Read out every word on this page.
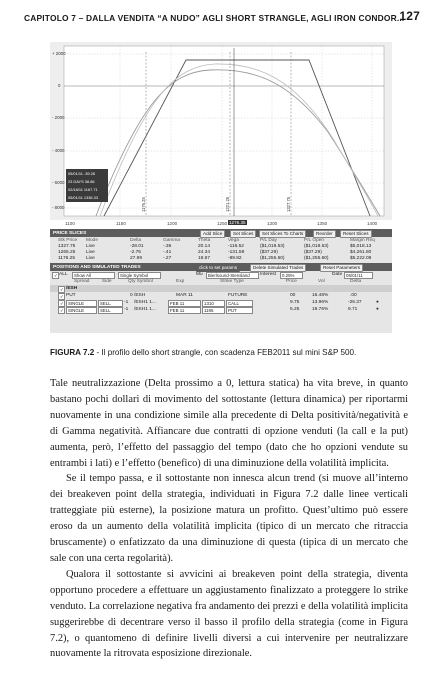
CAPITOLO 7 – DALLA VENDITA “A NUDO” AGLI SHORT STRANGLE, AGLI IRON CONDOR...
127
+ 2000
0
- 2000
- 4000
- 6000
- 8000
05/01/11 -39.28
23 DAYS 38.86
02/18/11 1167.71
05/01/11 1336.33	1176.25	1221.25	1327.75
1100	1150	1200	1250 1276.35	1300	1350	1400
PRICE SLICES	Add Slice	Set Slices	Set Slices To Charts	Reorder	Reset Slices
Stk Price Mode	Delta	Gamma	Theta	Vega	P/L Day	P/L Open	Margin Req
1327.75 Live	-28.01	-.36	20.14	-116.52	($1,018.53)	($1,018.53)	$5,018.13
1265.25 Live	-2.75	-.41	24.34	-131.59	($37.29)	($37.29)	$4,261.80
1176.25 Live	27.99	-.27	18.67	-89.82	($1,255.60)	($1,255.60)	$5,222.09
POSITIONS AND SIMULATED TRADES	click to set params	Delete Simulated Trades	Reset Parameters
✓ ALL	Show All	Single Symbol	Mu	Bierlsound-Stensland	Interest	0.25%	Date 05/01/11
Spread	Side	Qty Symbol	Exp	Strike Type	Price	Vol	Delta
✓ /ESH
✓ PUT	0 /ESH	MAR 11	FUTURE	00	16.48%	.00
✓ SINGLE	SELL	-1 /ESH1 1...	FEB 11	1310	CALL	9.75	13.96%	-26.37	●
✓ SINGLE	SELL	-1 /ESH1 1...	FEB 11	1195	PUT	5.25	19.76%	9.71	●
FIGURA 7.2 - Il profilo dello short strangle, con scadenza FEB2011 sul mini S&P 500.

Tale neutralizzazione (Delta prossimo a 0, lettura statica) ha vita breve, in quanto bastano pochi dollari di movimento del sottostante (lettura dinamica) per riportarmi nuovamente in una condizione simile alla precedente di Delta positività/negatività e di Gamma negatività. Affiancare due contratti di opzione venduti (la call e la put) aumenta, però, l’effetto del passaggio del tempo (dato che ho opzioni vendute su entrambi i lati) e l’effetto (benefico) di una diminuzione della volatilità implicita.

Se il tempo passa, e il sottostante non innesca alcun trend (si muove all’interno dei breakeven point della strategia, individuati in Figura 7.2 dalle linee verticali tratteggiate più esterne), la posizione matura un profitto. Quest’ultimo può essere eroso da un aumento della volatilità implicita (tipico di un mercato che ritraccia bruscamente) o enfatizzato da una diminuzione di questa (tipica di un mercato che sale con una certa regolarità).

Qualora il sottostante si avvicini ai breakeven point della strategia, diventa opportuno procedere a effettuare un aggiustamento finalizzato a proteggere lo strike venduto. La correlazione negativa fra andamento dei prezzi e della volatilità implicita suggerirebbe di decentrare verso il basso il profilo della strategia (come in Figura 7.2), o quantomeno di definire livelli diversi a cui intervenire per neutralizzare nuovamente la ritrovata esposizione direzionale.
